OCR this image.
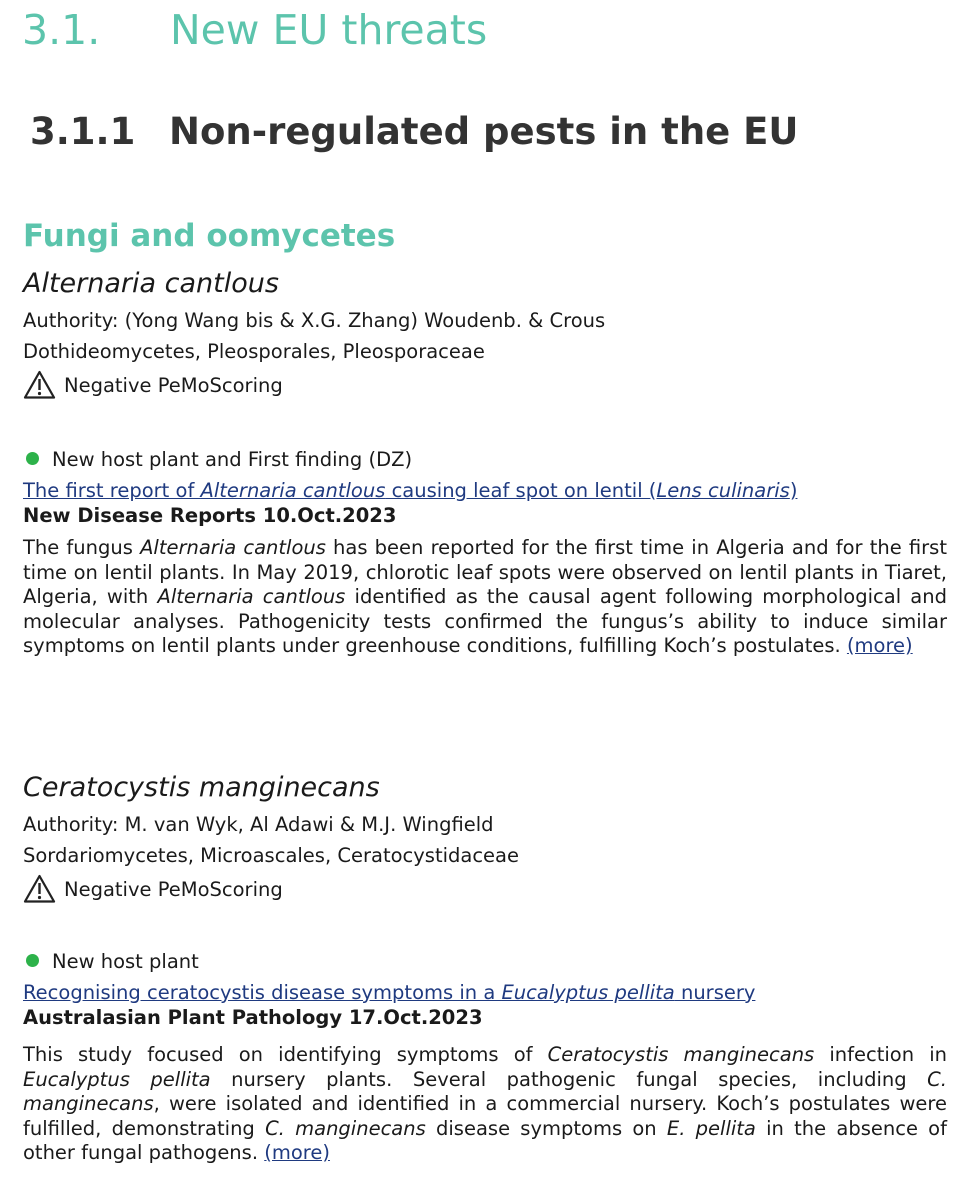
3.1. New EU threats
3.1.1 Non-regulated pests in the EU
Fungi and oomycetes
Alternaria cantlous
Authority: (Yong Wang bis & X.G. Zhang) Woudenb. & Crous
Dothideomycetes, Pleosporales, Pleosporaceae
Negative PeMoScoring
New host plant and First finding (DZ)
The first report of Alternaria cantlous causing leaf spot on lentil (Lens culinaris)
New Disease Reports 10.Oct.2023
The fungus Alternaria cantlous has been reported for the first time in Algeria and for the first time on lentil plants. In May 2019, chlorotic leaf spots were observed on lentil plants in Tiaret, Algeria, with Alternaria cantlous identified as the causal agent following morphological and molecular analyses. Pathogenicity tests confirmed the fungus’s ability to induce similar symptoms on lentil plants under greenhouse conditions, fulfilling Koch’s postulates. (more)
Ceratocystis manginecans
Authority: M. van Wyk, Al Adawi & M.J. Wingfield
Sordariomycetes, Microascales, Ceratocystidaceae
Negative PeMoScoring
New host plant
Recognising ceratocystis disease symptoms in a Eucalyptus pellita nursery
Australasian Plant Pathology 17.Oct.2023
This study focused on identifying symptoms of Ceratocystis manginecans infection in Eucalyptus pellita nursery plants. Several pathogenic fungal species, including C. manginecans, were isolated and identified in a commercial nursery. Koch’s postulates were fulfilled, demonstrating C. manginecans disease symptoms on E. pellita in the absence of other fungal pathogens. (more)
